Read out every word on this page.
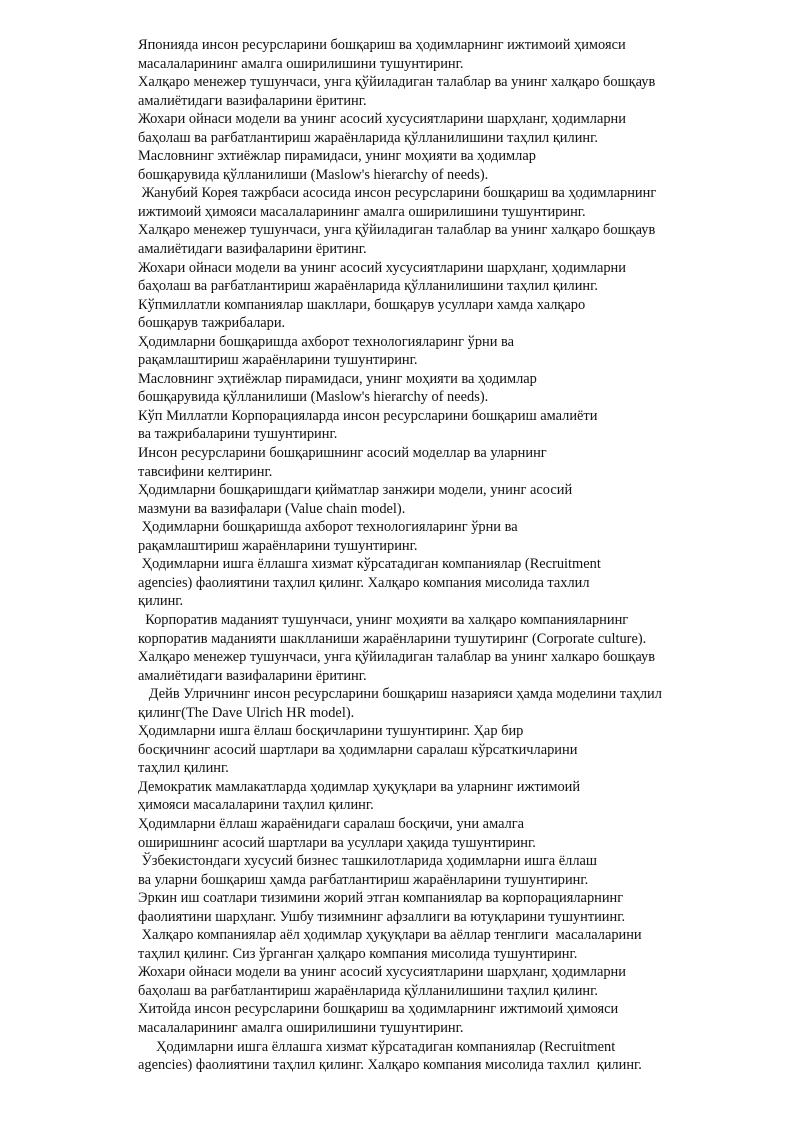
Японияда инсон ресурсларини бошқариш ва ҳодимларнинг ижтимоий ҳимояси
масалаларининг амалга оширилишини тушунтиринг.
Халқаро менежер тушунчаси, унга қўйиладиган талаблар ва унинг халқаро бошқаув
амалиётидаги вазифаларини ёритинг.
Жохари ойнаси модели ва унинг асосий хусусиятларини шарҳланг, ҳодимларни
баҳолаш ва рағбатлантириш жараёнларида қўлланилишини таҳлил қилинг.
Масловнинг эхтиёжлар пирамидаси, унинг моҳияти ва ҳодимлар
бошқарувида қўлланилиши (Maslow's hierarchy of needs).
Жанубий Корея тажрбаси асосида инсон ресурсларини бошқариш ва ҳодимларнинг
ижтимоий ҳимояси масалаларининг амалга оширилишини тушунтиринг.
Халқаро менежер тушунчаси, унга қўйиладиган талаблар ва унинг халқаро бошқаув
амалиётидаги вазифаларини ёритинг.
Жохари ойнаси модели ва унинг асосий хусусиятларини шарҳланг, ҳодимларни
баҳолаш ва рағбатлантириш жараёнларида қўлланилишини таҳлил қилинг.
Кўпмиллатли компаниялар шакллари, бошқарув усуллари хамда халқаро
бошқарув тажрибалари.
Ҳодимларни бошқаришда ахборот технологияларинг ўрни ва
рақамлаштириш жараёнларини тушунтиринг.
Масловнинг эҳтиёжлар пирамидаси, унинг моҳияти ва ҳодимлар
бошқарувида қўлланилиши (Maslow's hierarchy of needs).
Кўп Миллатли Корпорацияларда инсон ресурсларини бошқариш амалиёти
ва тажрибаларини тушунтиринг.
Инсон ресурсларини бошқаришнинг асосий моделлар ва уларнинг
тавсифини келтиринг.
Ҳодимларни бошқаришдаги қийматлар занжири модели, унинг асосий
мазмуни ва вазифалари (Value chain model).
Ҳодимларни бошқаришда ахборот технологияларинг ўрни ва
рақамлаштириш жараёнларини тушунтиринг.
Ҳодимларни ишга ёллашга хизмат кўрсатадиган компаниялар (Recruitment
agencies) фаолиятини таҳлил қилинг. Халқаро компания мисолида тахлил
қилинг.
Корпоратив маданият тушунчаси, унинг моҳияти ва халқаро компанияларнинг
корпоратив маданияти шаклланиши жараёнларини тушутиринг (Corporate culture).
Халқаро менежер тушунчаси, унга қўйиладиган талаблар ва унинг халкаро бошқаув
амалиётидаги вазифаларини ёритинг.
Дейв Улричнинг инсон ресурсларини бошқариш назарияси ҳамда моделини таҳлил
қилинг(The Dave Ulrich HR model).
Ҳодимларни ишга ёллаш босқичларини тушунтиринг. Ҳар бир
босқичнинг асосий шартлари ва ҳодимларни саралаш кўрсаткичларини
таҳлил қилинг.
Демократик мамлакатларда ҳодимлар ҳуқуқлари ва уларнинг ижтимоий
ҳимояси масалаларини таҳлил қилинг.
Ҳодимларни ёллаш жараёнидаги саралаш босқичи, уни амалга
оширишнинг асосий шартлари ва усуллари ҳақида тушунтиринг.
Ўзбекистондаги хусусий бизнес ташкилотларида ҳодимларни ишга ёллаш
ва уларни бошқариш ҳамда рағбатлантириш жараёнларини тушунтиринг.
Эркин иш соатлари тизимини жорий этган компаниялар ва корпорацияларнинг
фаолиятини шарҳланг. Ушбу тизимнинг афзаллиги ва ютуқларини тушунтиинг.
Халқаро компаниялар аёл ҳодимлар ҳуқуқлари ва аёллар тенглиги  масалаларини
таҳлил қилинг. Сиз ўрганган ҳалқаро компания мисолида тушунтиринг.
Жохари ойнаси модели ва унинг асосий хусусиятларини шарҳланг, ҳодимларни
баҳолаш ва рағбатлантириш жараёнларида қўлланилишини таҳлил қилинг.
Хитойда инсон ресурсларини бошқариш ва ҳодимларнинг ижтимоий ҳимояси
масалаларининг амалга оширилишини тушунтиринг.
Ҳодимларни ишга ёллашга хизмат кўрсатадиган компаниялар (Recruitment
agencies) фаолиятини таҳлил қилинг. Халқаро компания мисолида тахлил  қилинг.
